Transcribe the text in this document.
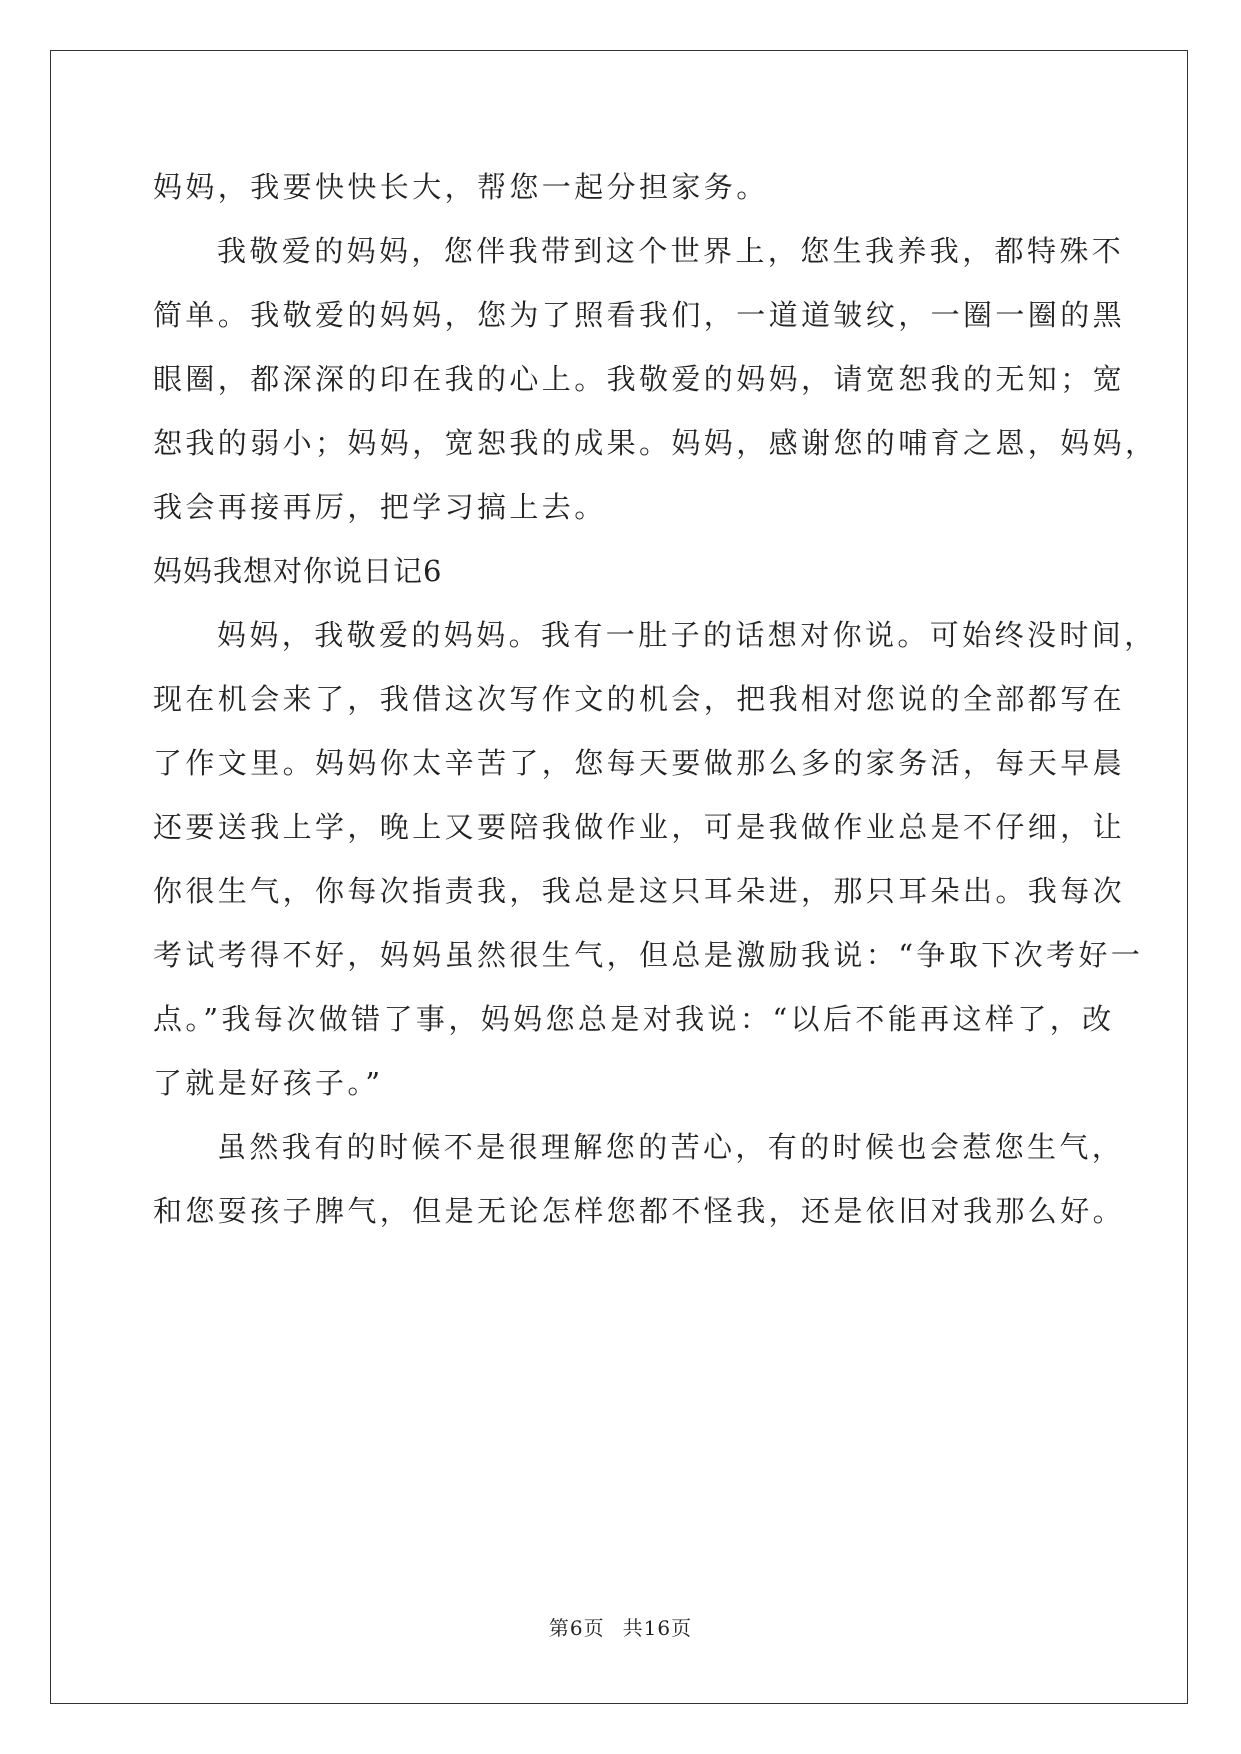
妈妈，我要快快长大，帮您一起分担家务。
我敬爱的妈妈，您伴我带到这个世界上，您生我养我，都特殊不
简单。我敬爱的妈妈，您为了照看我们，一道道皱纹，一圈一圈的黑
眼圈，都深深的印在我的心上。我敬爱的妈妈，请宽恕我的无知；宽
恕我的弱小；妈妈，宽恕我的成果。妈妈，感谢您的哺育之恩，妈妈，
我会再接再厉，把学习搞上去。
妈妈我想对你说日记6
妈妈，我敬爱的妈妈。我有一肚子的话想对你说。可始终没时间，
现在机会来了，我借这次写作文的机会，把我相对您说的全部都写在
了作文里。妈妈你太辛苦了，您每天要做那么多的家务活，每天早晨
还要送我上学，晚上又要陪我做作业，可是我做作业总是不仔细，让
你很生气，你每次指责我，我总是这只耳朵进，那只耳朵出。我每次
考试考得不好，妈妈虽然很生气，但总是激励我说：“争取下次考好一
点。”我每次做错了事，妈妈您总是对我说：“以后不能再这样了，改
了就是好孩子。”
虽然我有的时候不是很理解您的苦心，有的时候也会惹您生气，
和您耍孩子脾气，但是无论怎样您都不怪我，还是依旧对我那么好。
第6页 共16页
